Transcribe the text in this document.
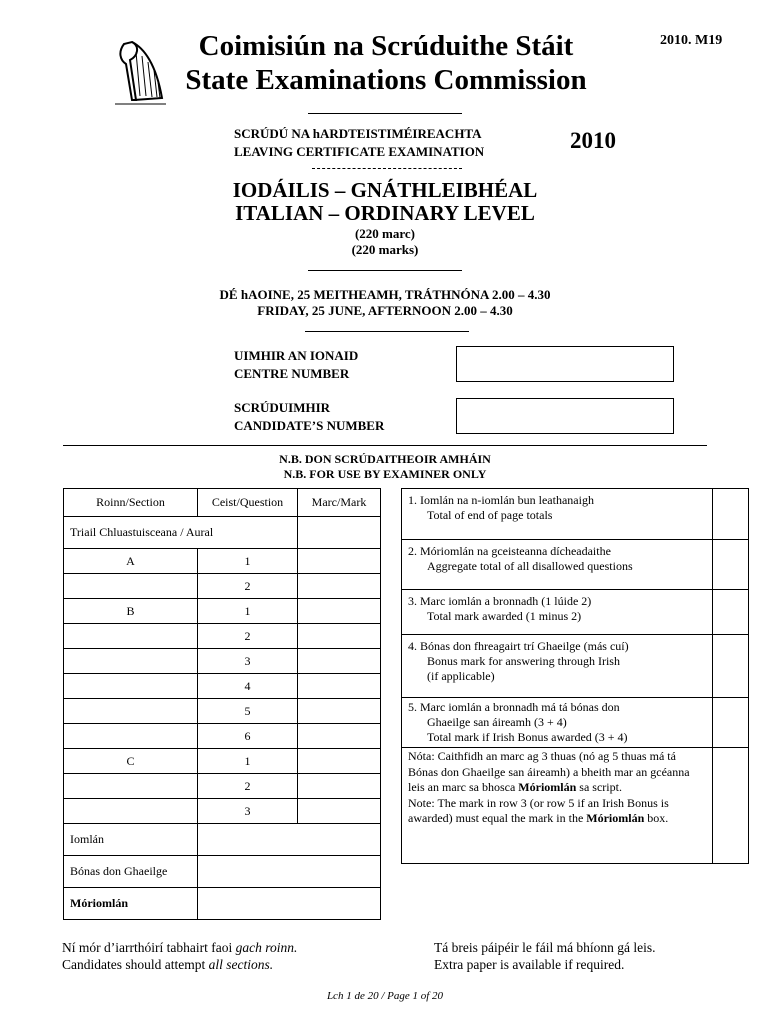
2010. M19
Coimisiún na Scrúduithe Stáit
State Examinations Commission
SCRÚDÚ NA hARDTEISTIMÉIREACHTA
LEAVING CERTIFICATE EXAMINATION	2010
IODÁILIS – GNÁTHLEIBHÉAL
ITALIAN – ORDINARY LEVEL
(220 marc)
(220 marks)
DÉ hAOINE, 25 MEITHEAMH, TRÁTHNÓNA 2.00 – 4.30
FRIDAY, 25 JUNE, AFTERNOON 2.00 – 4.30
UIMHIR AN IONAID
CENTRE NUMBER
SCRÚDUIMHIR
CANDIDATE’S NUMBER
N.B. DON SCRÚDAITHEOIR AMHÁIN
N.B. FOR USE BY EXAMINER ONLY
Roinn/Section	Ceist/Question	Marc/Mark
Triail Chluastuisceana / Aural		
A	1	
	2	
B	1	
	2	
	3	
	4	
	5	
	6	
C	1	
	2	
	3	
Iomlán		
Bónas don Ghaeilge		
Móriomlán		
1. Iomlán na n-iomlán bun leathanaigh
Total of end of page totals	

2. Móriomlán na gceisteanna dícheadaithe
Aggregate total of all disallowed questions	

3. Marc iomlán a bronnadh (1 lúide 2)
Total mark awarded (1 minus 2)	

4. Bónas don fhreagairt trí Ghaeilge (más cuí)
Bonus mark for answering through Irish
(if applicable)	

5. Marc iomlán a bronnadh má tá bónas don
Ghaeilge san áireamh (3 + 4)
Total mark if Irish Bonus awarded (3 + 4)	

Nóta: Caithfidh an marc ag 3 thuas (nó ag 5 thuas má tá Bónas don Ghaeilge san áireamh) a bheith mar an gcéanna leis an marc sa bhosca Móriomlán sa script.
Note: The mark in row 3 (or row 5 if an Irish Bonus is awarded) must equal the mark in the Móriomlán box.	
Ní mór d’iarrthóirí tabhairt faoi gach roinn.
Candidates should attempt all sections.
Tá breis páipéir le fáil má bhíonn gá leis.
Extra paper is available if required.
Lch 1 de 20 / Page 1 of 20
